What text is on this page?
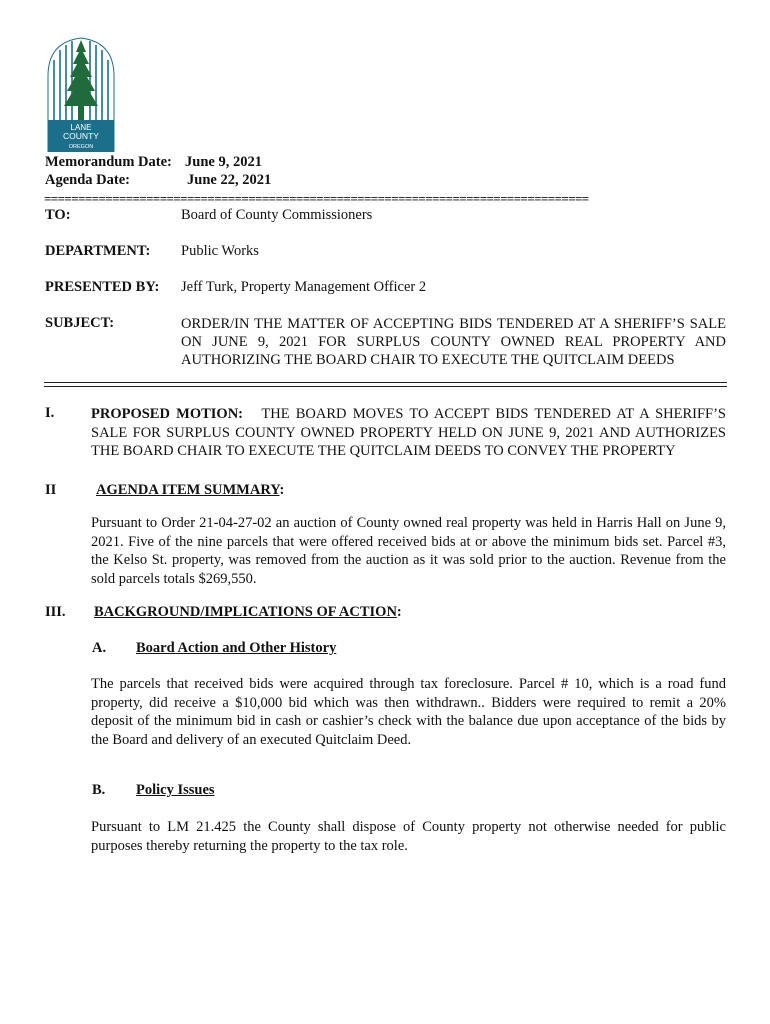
LANE
COUNTY
OREGON
Memorandum Date: June 9, 2021
Agenda Date:	June 22, 2021
================================================================================
TO:	Board of County Commissioners
DEPARTMENT: Public Works
PRESENTED BY: Jeff Turk, Property Management Officer 2
SUBJECT:	ORDER/IN THE MATTER OF ACCEPTING BIDS TENDERED AT A SHERIFF’S SALE ON JUNE 9, 2021 FOR SURPLUS COUNTY OWNED REAL PROPERTY AND AUTHORIZING THE BOARD CHAIR TO EXECUTE THE QUITCLAIM DEEDS
I.	PROPOSED MOTION: THE BOARD MOVES TO ACCEPT BIDS TENDERED AT A SHERIFF’S SALE FOR SURPLUS COUNTY OWNED PROPERTY HELD ON JUNE 9, 2021 AND AUTHORIZES THE BOARD CHAIR TO EXECUTE THE QUITCLAIM DEEDS TO CONVEY THE PROPERTY
II	AGENDA ITEM SUMMARY:
Pursuant to Order 21-04-27-02 an auction of County owned real property was held in Harris Hall on June 9, 2021. Five of the nine parcels that were offered received bids at or above the minimum bids set. Parcel #3, the Kelso St. property, was removed from the auction as it was sold prior to the auction. Revenue from the sold parcels totals $269,550.
III. BACKGROUND/IMPLICATIONS OF ACTION:
A. Board Action and Other History
The parcels that received bids were acquired through tax foreclosure. Parcel # 10, which is a road fund property, did receive a $10,000 bid which was then withdrawn.. Bidders were required to remit a 20% deposit of the minimum bid in cash or cashier’s check with the balance due upon acceptance of the bids by the Board and delivery of an executed Quitclaim Deed.
B. Policy Issues
Pursuant to LM 21.425 the County shall dispose of County property not otherwise needed for public purposes thereby returning the property to the tax role.
